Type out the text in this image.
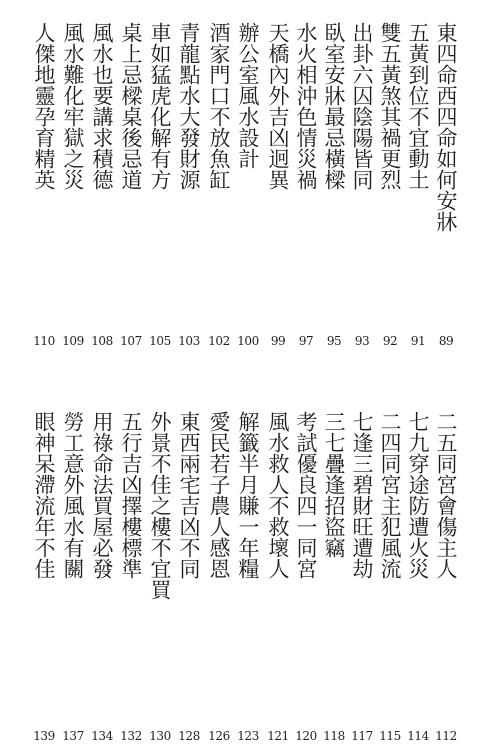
東四命西四命如何安牀
89
五黃到位不宜動土
91
雙五黃煞其禍更烈
92
出卦六囚陰陽皆同
93
臥室安牀最忌橫樑
95
水火相沖色情災禍
97
天橋內外吉凶迥異
99
辦公室風水設計
100
酒家門口不放魚缸
102
青龍點水大發財源
103
車如猛虎化解有方
105
桌上忌樑桌後忌道
107
風水也要講求積德
108
風水難化牢獄之災
109
人傑地靈孕育精英
110
二五同宮會傷主人
112
七九穿途防遭火災
114
二四同宮主犯風流
115
七逢三碧財旺遭劫
117
三七疊逢招盜竊
118
考試優良四一同宮
120
風水救人不救壞人
121
解籤半月賺一年糧
123
愛民若子農人感恩
126
東西兩宅吉凶不同
128
外景不佳之樓不宜買
130
五行吉凶擇樓標準
132
用祿命法買屋必發
134
勞工意外風水有關
137
眼神呆滯流年不佳
139
